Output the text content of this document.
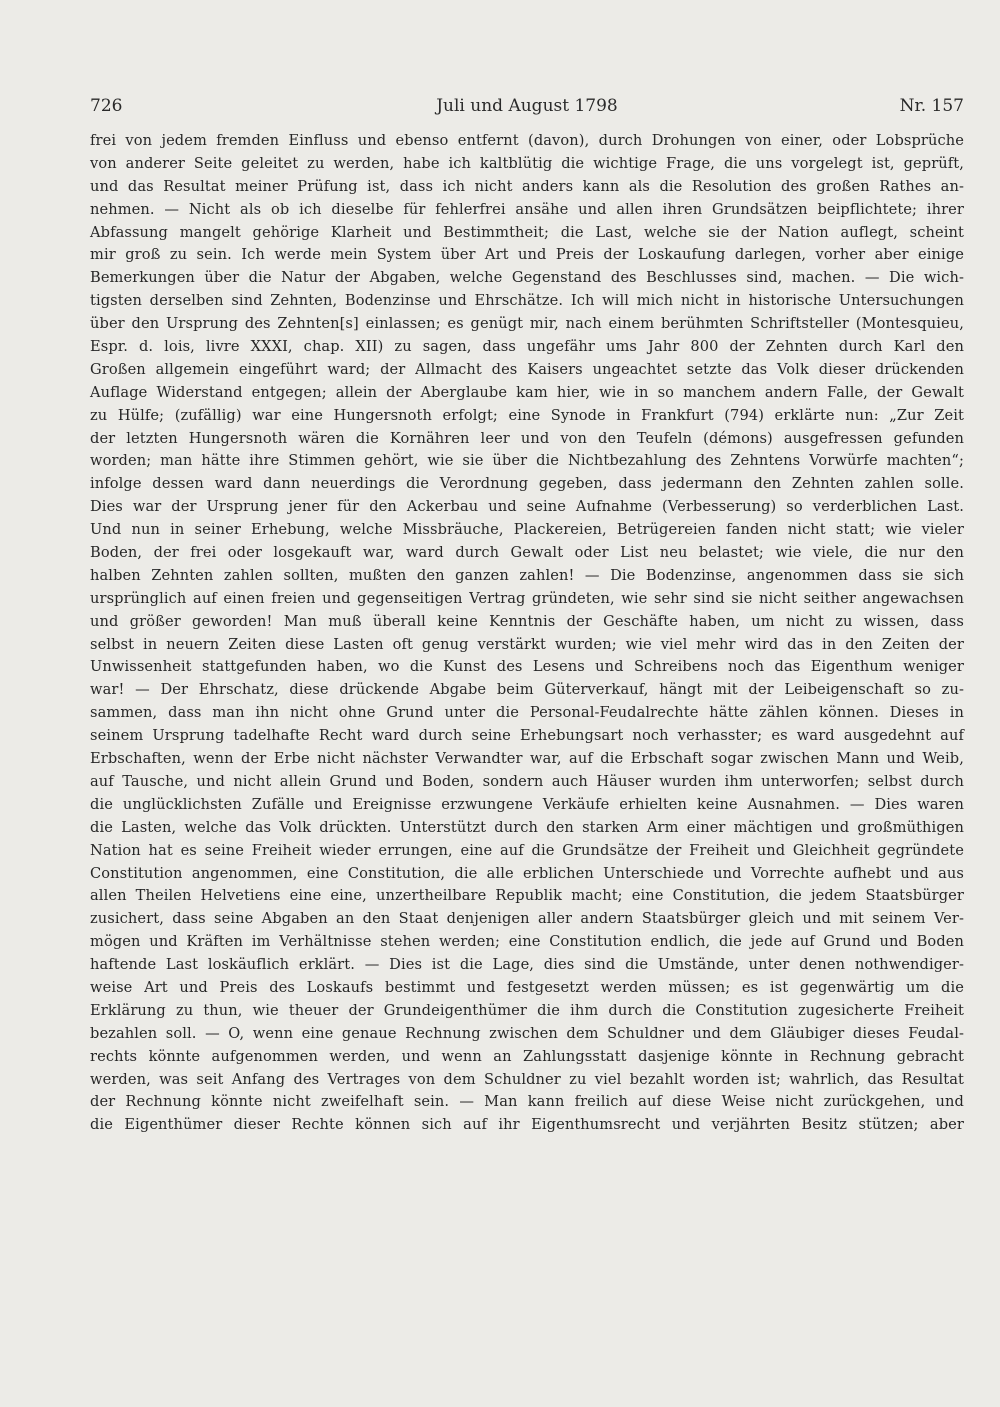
726	Juli und August 1798	Nr. 157
frei von jedem fremden Einfluss und ebenso entfernt (davon), durch Drohungen von einer, oder Lobsprüche
von anderer Seite geleitet zu werden, habe ich kaltblütig die wichtige Frage, die uns vorgelegt ist, geprüft,
und das Resultat meiner Prüfung ist, dass ich nicht anders kann als die Resolution des großen Rathes an-
nehmen. — Nicht als ob ich dieselbe für fehlerfrei ansähe und allen ihren Grundsätzen beipflichtete; ihrer
Abfassung mangelt gehörige Klarheit und Bestimmtheit; die Last, welche sie der Nation auflegt, scheint
mir groß zu sein. Ich werde mein System über Art und Preis der Loskaufung darlegen, vorher aber einige
Bemerkungen über die Natur der Abgaben, welche Gegenstand des Beschlusses sind, machen. — Die wich-
tigsten derselben sind Zehnten, Bodenzinse und Ehrschätze. Ich will mich nicht in historische Untersuchungen
über den Ursprung des Zehnten[s] einlassen; es genügt mir, nach einem berühmten Schriftsteller (Montesquieu,
Espr. d. lois, livre XXXI, chap. XII) zu sagen, dass ungefähr ums Jahr 800 der Zehnten durch Karl den
Großen allgemein eingeführt ward; der Allmacht des Kaisers ungeachtet setzte das Volk dieser drückenden
Auflage Widerstand entgegen; allein der Aberglaube kam hier, wie in so manchem andern Falle, der Gewalt
zu Hülfe; (zufällig) war eine Hungersnoth erfolgt; eine Synode in Frankfurt (794) erklärte nun: „Zur Zeit
der letzten Hungersnoth wären die Kornähren leer und von den Teufeln (démons) ausgefressen gefunden
worden; man hätte ihre Stimmen gehört, wie sie über die Nichtbezahlung des Zehntens Vorwürfe machten“;
infolge dessen ward dann neuerdings die Verordnung gegeben, dass jedermann den Zehnten zahlen solle.
Dies war der Ursprung jener für den Ackerbau und seine Aufnahme (Verbesserung) so verderblichen Last.
Und nun in seiner Erhebung, welche Missbräuche, Plackereien, Betrügereien fanden nicht statt; wie vieler
Boden, der frei oder losgekauft war, ward durch Gewalt oder List neu belastet; wie viele, die nur den
halben Zehnten zahlen sollten, mußten den ganzen zahlen! — Die Bodenzinse, angenommen dass sie sich
ursprünglich auf einen freien und gegenseitigen Vertrag gründeten, wie sehr sind sie nicht seither angewachsen
und größer geworden! Man muß überall keine Kenntnis der Geschäfte haben, um nicht zu wissen, dass
selbst in neuern Zeiten diese Lasten oft genug verstärkt wurden; wie viel mehr wird das in den Zeiten der
Unwissenheit stattgefunden haben, wo die Kunst des Lesens und Schreibens noch das Eigenthum weniger
war! — Der Ehrschatz, diese drückende Abgabe beim Güterverkauf, hängt mit der Leibeigenschaft so zu-
sammen, dass man ihn nicht ohne Grund unter die Personal-Feudalrechte hätte zählen können. Dieses in
seinem Ursprung tadelhafte Recht ward durch seine Erhebungsart noch verhasster; es ward ausgedehnt auf
Erbschaften, wenn der Erbe nicht nächster Verwandter war, auf die Erbschaft sogar zwischen Mann und Weib,
auf Tausche, und nicht allein Grund und Boden, sondern auch Häuser wurden ihm unterworfen; selbst durch
die unglücklichsten Zufälle und Ereignisse erzwungene Verkäufe erhielten keine Ausnahmen. — Dies waren
die Lasten, welche das Volk drückten. Unterstützt durch den starken Arm einer mächtigen und großmüthigen
Nation hat es seine Freiheit wieder errungen, eine auf die Grundsätze der Freiheit und Gleichheit gegründete
Constitution angenommen, eine Constitution, die alle erblichen Unterschiede und Vorrechte aufhebt und aus
allen Theilen Helvetiens eine eine, unzertheilbare Republik macht; eine Constitution, die jedem Staatsbürger
zusichert, dass seine Abgaben an den Staat denjenigen aller andern Staatsbürger gleich und mit seinem Ver-
mögen und Kräften im Verhältnisse stehen werden; eine Constitution endlich, die jede auf Grund und Boden
haftende Last loskäuflich erklärt. — Dies ist die Lage, dies sind die Umstände, unter denen nothwendiger-
weise Art und Preis des Loskaufs bestimmt und festgesetzt werden müssen; es ist gegenwärtig um die
Erklärung zu thun, wie theuer der Grundeigenthümer die ihm durch die Constitution zugesicherte Freiheit
bezahlen soll. — O, wenn eine genaue Rechnung zwischen dem Schuldner und dem Gläubiger dieses Feudal-
rechts könnte aufgenommen werden, und wenn an Zahlungsstatt dasjenige könnte in Rechnung gebracht
werden, was seit Anfang des Vertrages von dem Schuldner zu viel bezahlt worden ist; wahrlich, das Resultat
der Rechnung könnte nicht zweifelhaft sein. — Man kann freilich auf diese Weise nicht zurückgehen, und
die Eigenthümer dieser Rechte können sich auf ihr Eigenthumsrecht und verjährten Besitz stützen; aber
